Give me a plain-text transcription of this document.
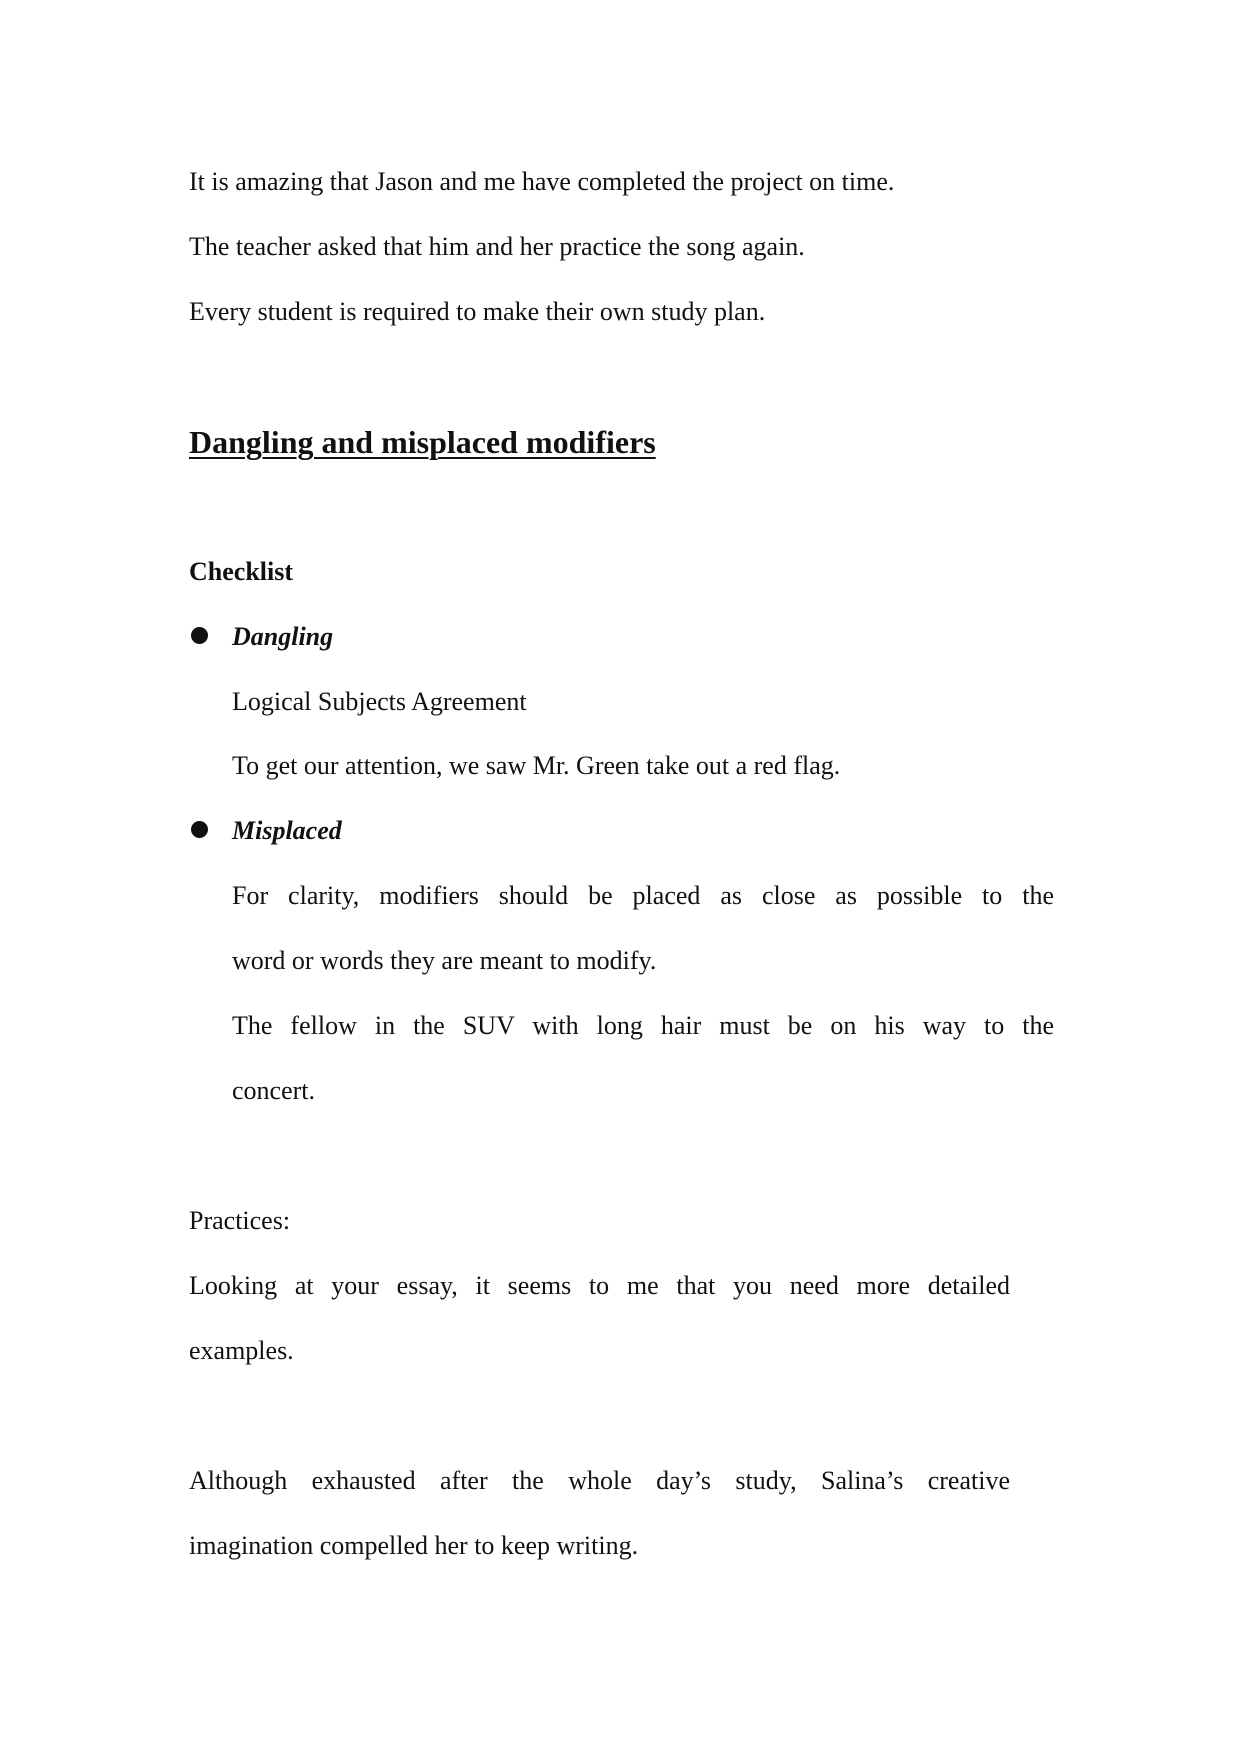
It is amazing that Jason and me have completed the project on time.
The teacher asked that him and her practice the song again.
Every student is required to make their own study plan.
Dangling and misplaced modifiers
Checklist
Dangling
Logical Subjects Agreement
To get our attention, we saw Mr. Green take out a red flag.
Misplaced
For clarity, modifiers should be placed as close as possible to the
word or words they are meant to modify.
The fellow in the SUV with long hair must be on his way to the
concert.
Practices:
Looking at your essay, it seems to me that you need more detailed
examples.
Although exhausted after the whole day’s study, Salina’s creative
imagination compelled her to keep writing.
